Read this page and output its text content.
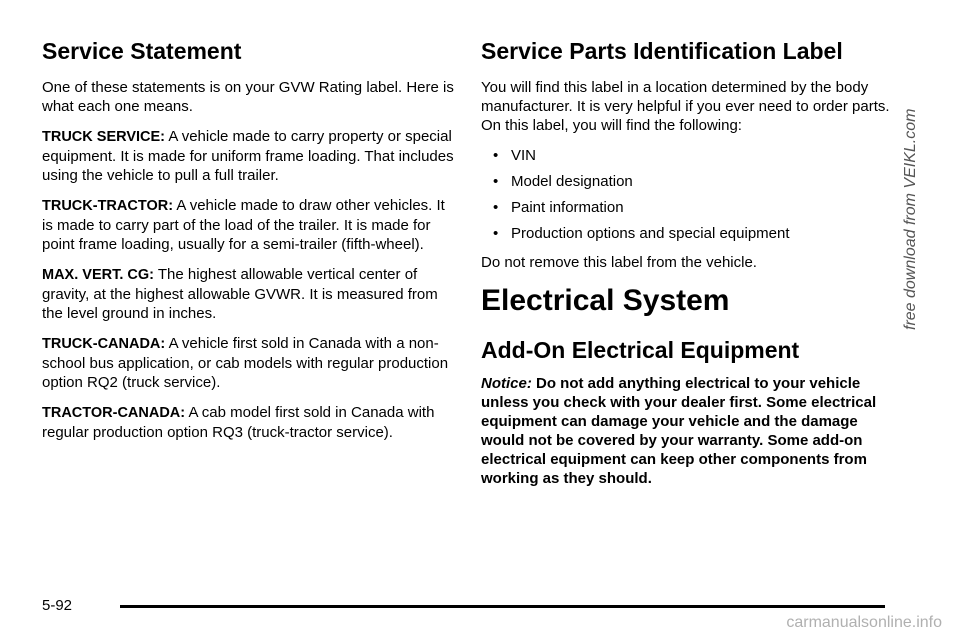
Service Statement

One of these statements is on your GVW Rating label. Here is what each one means.

TRUCK SERVICE: A vehicle made to carry property or special equipment. It is made for uniform frame loading. That includes using the vehicle to pull a full trailer.

TRUCK-TRACTOR: A vehicle made to draw other vehicles. It is made to carry part of the load of the trailer. It is made for point frame loading, usually for a semi-trailer (fifth-wheel).

MAX. VERT. CG: The highest allowable vertical center of gravity, at the highest allowable GVWR. It is measured from the level ground in inches.

TRUCK-CANADA: A vehicle first sold in Canada with a non-school bus application, or cab models with regular production option RQ2 (truck service).

TRACTOR-CANADA: A cab model first sold in Canada with regular production option RQ3 (truck-tractor service).

Service Parts Identification Label

You will find this label in a location determined by the body manufacturer. It is very helpful if you ever need to order parts. On this label, you will find the following:

• VIN
• Model designation
• Paint information
• Production options and special equipment

Do not remove this label from the vehicle.

Electrical System
Add-On Electrical Equipment

Notice: Do not add anything electrical to your vehicle unless you check with your dealer first. Some electrical equipment can damage your vehicle and the damage would not be covered by your warranty. Some add-on electrical equipment can keep other components from working as they should.

5-92
free download from VEIKL.com
carmanualsonline.info
